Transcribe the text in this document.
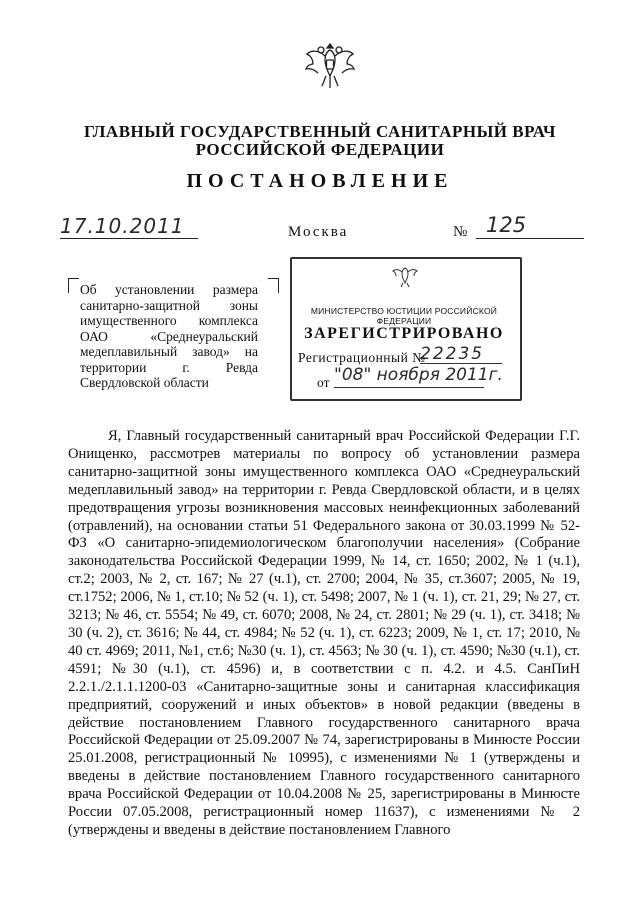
ГЛАВНЫЙ ГОСУДАРСТВЕННЫЙ САНИТАРНЫЙ ВРАЧ
РОССИЙСКОЙ ФЕДЕРАЦИИ
ПОСТАНОВЛЕНИЕ
17.10.2011	Москва	№ 125
Об установлении размера санитарно-защитной зоны имущественного комплекса ОАО «Среднеуральский медеплавильный завод» на территории г. Ревда Свердловской области
МИНИСТЕРСТВО ЮСТИЦИИ РОССИЙСКОЙ ФЕДЕРАЦИИ
ЗАРЕГИСТРИРОВАНО
Регистрационный №
22235
от "08" ноября 2011г.

Я, Главный государственный санитарный врач Российской Федерации Г.Г. Онищенко, рассмотрев материалы по вопросу об установлении размера санитарно-защитной зоны имущественного комплекса ОАО «Среднеуральский медеплавильный завод» на территории г. Ревда Свердловской области, и в целях предотвращения угрозы возникновения массовых неинфекционных заболеваний (отравлений), на основании статьи 51 Федерального закона от 30.03.1999 № 52-ФЗ «О санитарно-эпидемиологическом благополучии населения» (Собрание законодательства Российской Федерации 1999, № 14, ст. 1650; 2002, № 1 (ч.1), ст.2; 2003, № 2, ст. 167; № 27 (ч.1), ст. 2700; 2004, № 35, ст.3607; 2005, № 19, ст.1752; 2006, № 1, ст.10; № 52 (ч. 1), ст. 5498; 2007, № 1 (ч. 1), ст. 21, 29; № 27, ст. 3213; № 46, ст. 5554; № 49, ст. 6070; 2008, № 24, ст. 2801; № 29 (ч. 1), ст. 3418; № 30 (ч. 2), ст. 3616; № 44, ст. 4984; № 52 (ч. 1), ст. 6223; 2009, № 1, ст. 17; 2010, № 40 ст. 4969; 2011, №1, ст.6; №30 (ч. 1), ст. 4563; № 30 (ч. 1), ст. 4590; №30 (ч.1), ст. 4591; №30 (ч.1), ст. 4596) и, в соответствии с п. 4.2. и 4.5. СанПиН 2.2.1./2.1.1.1200-03 «Санитарно-защитные зоны и санитарная классификация предприятий, сооружений и иных объектов» в новой редакции (введены в действие постановлением Главного государственного санитарного врача Российской Федерации от 25.09.2007 № 74, зарегистрированы в Минюсте России 25.01.2008, регистрационный № 10995), с изменениями № 1 (утверждены и введены в действие постановлением Главного государственного санитарного врача Российской Федерации от 10.04.2008 № 25, зарегистрированы в Минюсте России 07.05.2008, регистрационный номер 11637), с изменениями № 2 (утверждены и введены в действие постановлением Главного
